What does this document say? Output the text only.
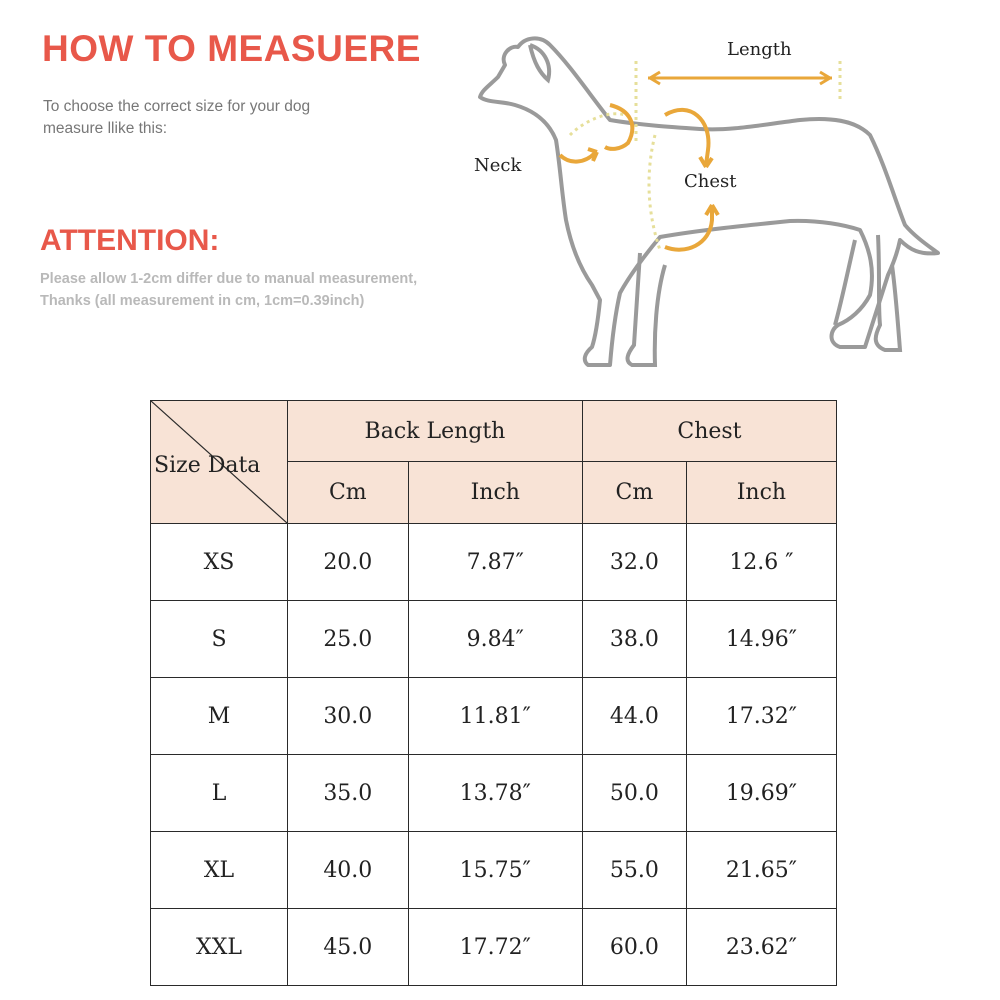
HOW TO MEASUERE
To choose the correct size for your dog
measure llike this:
ATTENTION:
Please allow 1-2cm differ due to manual measurement,
Thanks (all measurement in cm, 1cm=0.39inch)
Length
Neck
Chest
Size Data	Back Length		Chest	
	Cm	Inch	Cm	Inch
XS	20.0	7.87″	32.0	12.6 ″
S	25.0	9.84″	38.0	14.96″
M	30.0	11.81″	44.0	17.32″
L	35.0	13.78″	50.0	19.69″
XL	40.0	15.75″	55.0	21.65″
XXL	45.0	17.72″	60.0	23.62″
